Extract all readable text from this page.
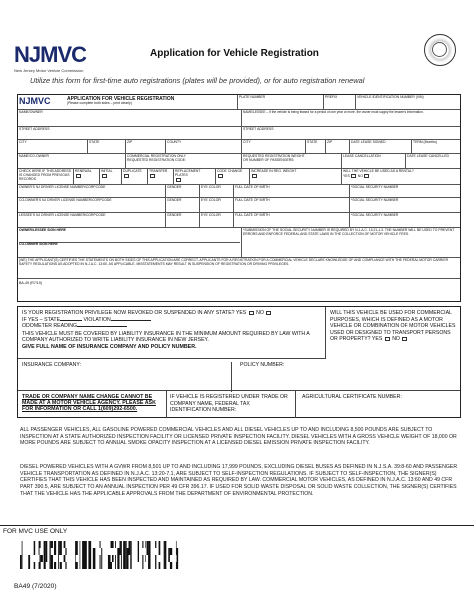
NJMVC
New Jersey Motor Vehicle Commission
Application for Vehicle Registration
Utilize this form for first-time auto registrations (plates will be provided), or for auto registration renewal
NJMVC	APPLICATION FOR VEHICLE REGISTRATION
(Please complete both sides – print clearly)
PLATE NUMBER	PREFIX	VEHICLE IDENTIFICATION NUMBER (VIN)
NAME/OWNER	NAME/LESSEE – If the vehicle is being leased for a period of one year or more, the owner must supply the lessee's information.
STREET ADDRESS	STREET ADDRESS
CITY	STATE	ZIP	COUNTY	CITY	STATE	ZIP	DATE LEASE SIGNED	TERM (Months)
NAME/CO-OWNER	COMMERCIAL REGISTRATION ONLY
REQUESTED REGISTRATION CODE:
REQUESTED REGISTRATION WEIGHT
OR NUMBER OF PASSENGERS:
LEASE CANCELLATION	DATE LEASE CANCELLED
CHECK HERE IF THIS ADDRESS IS CHANGED FROM PREVIOUS RECORDS
RENEWAL	INITIAL	DUPLICATE	TRANSFER	REPLACEMENT PLATES

CODE CHANGE	INCREASE IN REG. WEIGHT	WILL THE VEHICLE BE USED AS A RENTAL?
YES NO
OWNER'S NJ DRIVER LICENSE NUMBER/CORPCODE	GENDER	EYE COLOR	FULL DATE OF BIRTH	*SOCIAL SECURITY NUMBER
CO-OWNER'S NJ DRIVER LICENSE NUMBER/CORPCODE	GENDER	EYE COLOR	FULL DATE OF BIRTH	*SOCIAL SECURITY NUMBER
LESSEE'S NJ DRIVER LICENSE NUMBER/CORPCODE	GENDER	EYE COLOR	FULL DATE OF BIRTH	*SOCIAL SECURITY NUMBER
OWNER/LESSEE SIGN HERE
CO-OWNER SIGN HERE
*SUBMISSION OF THE SOCIAL SECURITY NUMBER IS REQUIRED BY N.J.A.C. 13:21-1.3. THE NUMBER WILL BE USED TO PREVENT ERRORS AND ENFORCE FEDERAL AND STATE LAWS IN THE COLLECTION OF MOTOR VEHICLE FEES.
(WE) THE APPLICANT(S) CERTIFIES THE STATEMENTS ON BOTH SIDES OF THIS APPLICATION ARE CORRECT. APPLICANTS FOR A REGISTRATION FOR A COMMERCIAL VEHICLE DECLARE KNOWLEDGE OF AND COMPLIANCE WITH THE FEDERAL MOTOR CARRIER SAFETY REGULATIONS AS ADOPTED IN N.J.A.C. 13:60, AS APPLICABLE. MISSTATEMENTS MAY RESULT IN SUSPENSION OF REGISTRATION OR DRIVING PRIVILEGES.
BA-49 (R7/19)
IS YOUR REGISTRATION PRIVILEGE NOW REVOKED OR SUSPENDED IN ANY STATE? YES NO
IF YES – STATE	VIOLATION
ODOMETER READING
THIS VEHICLE MUST BE COVERED BY LIABILITY INSURANCE IN THE MINIMUM AMOUNT REQUIRED BY LAW WITH A COMPANY AUTHORIZED TO WRITE LIABILITY INSURANCE IN NEW JERSEY.
GIVE FULL NAME OF INSURANCE COMPANY AND POLICY NUMBER.
WILL THIS VEHICLE BE USED FOR COMMERCIAL PURPOSES, WHICH IS DEFINED AS A MOTOR VEHICLE OR COMBINATION OF MOTOR VEHICLES USED OR DESIGNED TO TRANSPORT PERSONS OR PROPERTY? YES NO
INSURANCE COMPANY:	POLICY NUMBER:
TRADE OR COMPANY NAME CHANGE CANNOT BE MADE AT A MOTOR VEHICLE AGENCY. PLEASE ASK FOR INFORMATION OR CALL 1(609)292-6500.
IF VEHICLE IS REGISTERED UNDER TRADE OR COMPANY NAME, FEDERAL TAX IDENTIFICATION NUMBER:
AGRICULTURAL CERTIFICATE NUMBER:
ALL PASSENGER VEHICLES, ALL GASOLINE POWERED COMMERCIAL VEHICLES AND ALL DIESEL VEHICLES UP TO AND INCLUDING 8,500 POUNDS ARE SUBJECT TO INSPECTION AT A STATE AUTHORIZED INSPECTION FACILITY OR LICENSED PRIVATE INSPECTION FACILITY. DIESEL VEHICLES WITH A GROSS VEHICLE WEIGHT OF 18,000 OR MORE POUNDS ARE SUBJECT TO ANNUAL SMOKE OPACITY INSPECTION AT A LICENSED DIESEL EMISSION PRIVATE INSPECTION FACILITY.
DIESEL POWERED VEHICLES WITH A GVWR FROM 8,501 UP TO AND INCLUDING 17,999 POUNDS, EXCLUDING DIESEL BUSES AS DEFINED IN N.J.S.A. 39:8-60 AND PASSENGER VEHICLE TRANSPORTATION AS DEFINED IN N.J.A.C. 13:20-7.1, ARE SUBJECT TO SELF-INSPECTION REGULATIONS. IF SUBJECT TO SELF-INSPECTION, THE SIGNER(S) CERTIFIES THAT THIS VEHICLE HAS BEEN INSPECTED AND MAINTAINED AS REQUIRED BY LAW. COMMERCIAL MOTOR VEHICLES, AS DEFINED IN N.J.A.C. 13:60 AND 49 CFR PART 390.5, ARE SUBJECT TO AN ANNUAL INSPECTION PER 49 CFR 396.17. IF USED FOR SOLID WASTE DISPOSAL OR SOLID WASTE COLLECTION, THE SIGNER(S) CERTIFIES THAT THE VEHICLE HAS THE APPLICABLE APPROVALS FROM THE DEPARTMENT OF ENVIRONMENTAL PROTECTION.
FOR MVC USE ONLY
BA49 (7/2020)
